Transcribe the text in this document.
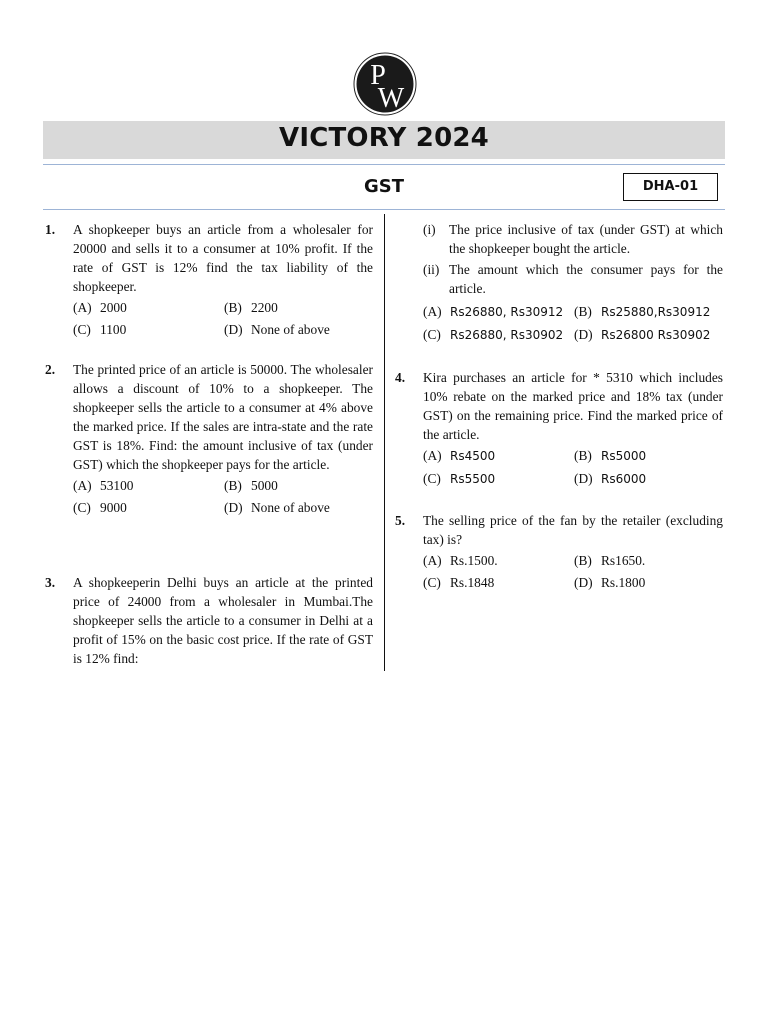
P
W
VICTORY 2024
GST	DHA-01
1. A shopkeeper buys an article from a wholesaler for 20000 and sells it to a consumer at 10% profit. If the rate of GST is 12% find the tax liability of the shopkeeper.
(A) 2000	(B) 2200
(C) 1100	(D) None of above
2. The printed price of an article is 50000. The wholesaler allows a discount of 10% to a shopkeeper. The shopkeeper sells the article to a consumer at 4% above the marked price. If the sales are intra-state and the rate GST is 18%. Find: the amount inclusive of tax (under GST) which the shopkeeper pays for the article.
(A) 53100	(B) 5000
(C) 9000	(D) None of above
3. A shopkeeperin Delhi buys an article at the printed price of 24000 from a wholesaler in Mumbai.The shopkeeper sells the article to a consumer in Delhi at a profit of 15% on the basic cost price. If the rate of GST is 12% find:
(i) The price inclusive of tax (under GST) at which the shopkeeper bought the article.
(ii) The amount which the consumer pays for the article.
(A) Rs26880, Rs30912 (B) Rs25880,Rs30912
(C) Rs26880, Rs30902 (D) Rs26800 Rs30902
4. Kira purchases an article for * 5310 which includes 10% rebate on the marked price and 18% tax (under GST) on the remaining price. Find the marked price of the article.
(A) Rs4500	(B) Rs5000
(C) Rs5500	(D) Rs6000
5. The selling price of the fan by the retailer (excluding tax) is?
(A) Rs.1500.	(B) Rs1650.
(C) Rs.1848	(D) Rs.1800
